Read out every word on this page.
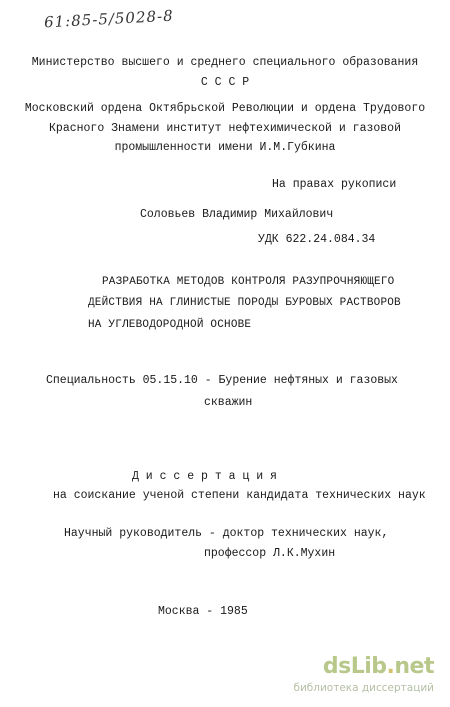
61:85-5/5028-8
Министерство высшего и среднего специального образования
С С С Р
Московский ордена Октябрьской Революции и ордена Трудового
Красного Знамени институт нефтехимической и газовой
промышленности имени И.М.Губкина
На правах рукописи
Соловьев Владимир Михайлович
УДК 622.24.084.34
РАЗРАБОТКА МЕТОДОВ КОНТРОЛЯ РАЗУПРОЧНЯЮЩЕГО
ДЕЙСТВИЯ НА ГЛИНИСТЫЕ ПОРОДЫ БУРОВЫХ РАСТВОРОВ
НА УГЛЕВОДОРОДНОЙ ОСНОВЕ
Специальность 05.15.10 - Бурение нефтяных и газовых
скважин
Д и с с е р т а ц и я
на соискание ученой степени кандидата технических наук
Научный руководитель - доктор технических наук,
профессор Л.К.Мухин
Москва - 1985
dsLib.net
библиотека диссертаций
